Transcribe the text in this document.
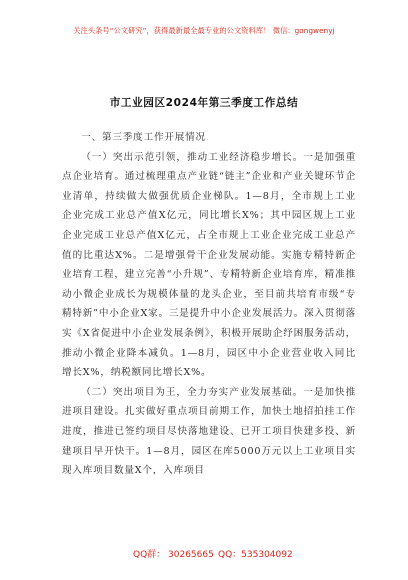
关注头条号“公文研究”，获得最新最全最专业的公文资料库！ 微信：gongwenyj
市工业园区2024年第三季度工作总结

一、第三季度工作开展情况

（一）突出示范引领，推动工业经济稳步增长。一是加强重点企业培育。通过梳理重点产业链“链主”企业和产业关键环节企业清单，持续做大做强优质企业梯队。1—8月，全市规上工业企业完成工业总产值X亿元，同比增长X%；其中园区规上工业企业完成工业总产值X亿元，占全市规上工业企业完成工业总产值的比重达X%。二是增强骨干企业发展动能。实施专精特新企业培育工程，建立完善“小升规”、专精特新企业培育库，精准推动小微企业成长为规模体量的龙头企业，至目前共培育市级“专精特新”中小企业X家。三是提升中小企业发展活力。深入贯彻落实《X省促进中小企业发展条例》，积极开展助企纾困服务活动，推动小微企业降本减负。1—8月，园区中小企业营业收入同比增长X%，纳税额同比增长X%。

（二）突出项目为王，全力夯实产业发展基础。一是加快推进项目建设。扎实做好重点项目前期工作，加快土地招拍挂工作进度，推进已签约项目尽快落地建设、已开工项目快建多投、新建项目早开快干。1—8月，园区在库5000万元以上工业项目实现入库项目数量X个，入库项目

QQ群： 30265665 QQ：535304092
